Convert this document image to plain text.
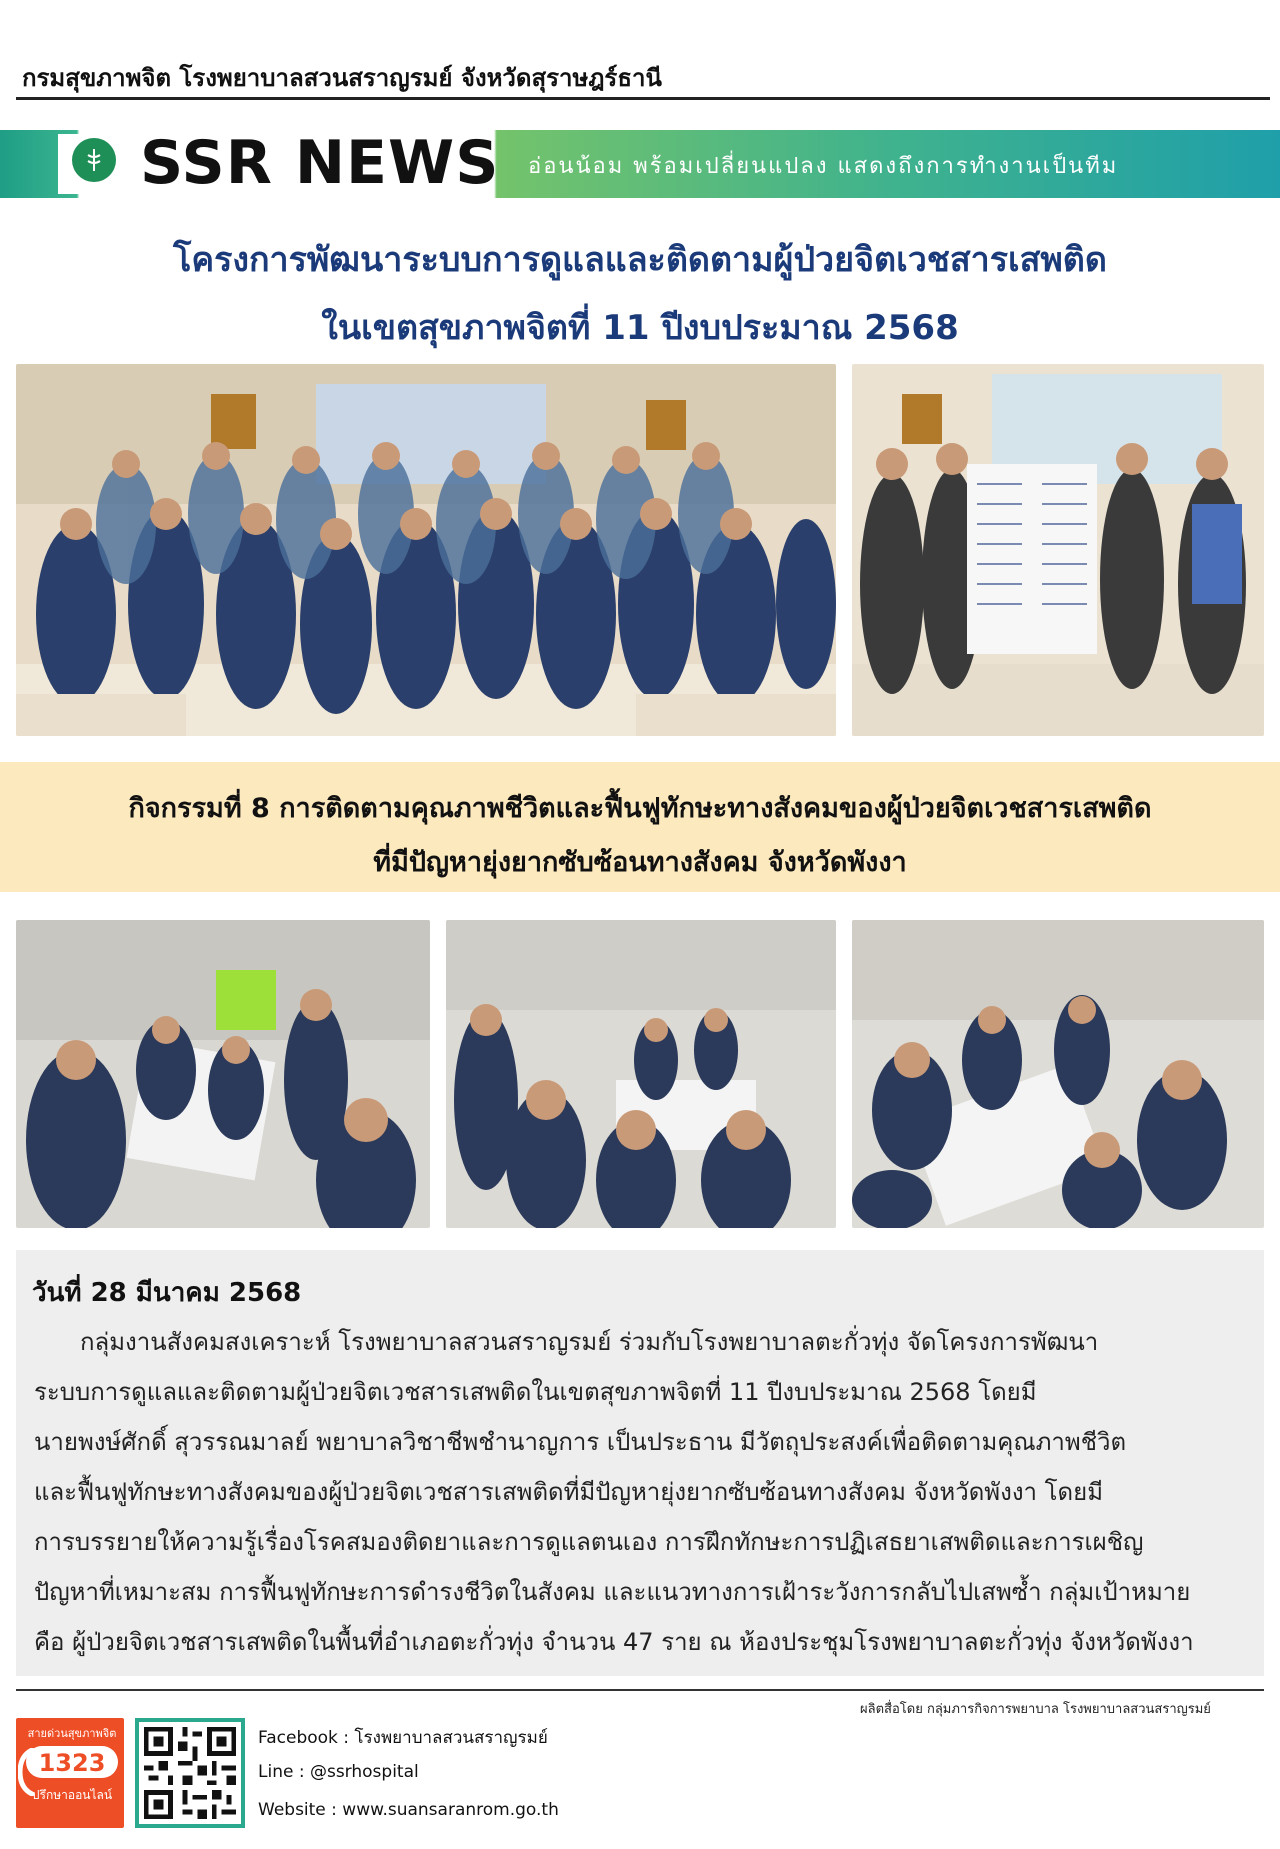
กรมสุขภาพจิต โรงพยาบาลสวนสราญรมย์ จังหวัดสุราษฎร์ธานี
SSR NEWS อ่อนน้อม พร้อมเปลี่ยนแปลง แสดงถึงการทำงานเป็นทีม
โครงการพัฒนาระบบการดูแลและติดตามผู้ป่วยจิตเวชสารเสพติด
ในเขตสุขภาพจิตที่ 11 ปีงบประมาณ 2568
กิจกรรมที่ 8 การติดตามคุณภาพชีวิตและฟื้นฟูทักษะทางสังคมของผู้ป่วยจิตเวชสารเสพติด
ที่มีปัญหายุ่งยากซับซ้อนทางสังคม จังหวัดพังงา
วันที่ 28 มีนาคม 2568
กลุ่มงานสังคมสงเคราะห์ โรงพยาบาลสวนสราญรมย์ ร่วมกับโรงพยาบาลตะกั่วทุ่ง จัดโครงการพัฒนา
ระบบการดูแลและติดตามผู้ป่วยจิตเวชสารเสพติดในเขตสุขภาพจิตที่ 11 ปีงบประมาณ 2568 โดยมี
นายพงษ์ศักดิ์ สุวรรณมาลย์ พยาบาลวิชาชีพชำนาญการ เป็นประธาน มีวัตถุประสงค์เพื่อติดตามคุณภาพชีวิต
และฟื้นฟูทักษะทางสังคมของผู้ป่วยจิตเวชสารเสพติดที่มีปัญหายุ่งยากซับซ้อนทางสังคม จังหวัดพังงา โดยมี
การบรรยายให้ความรู้เรื่องโรคสมองติดยาและการดูแลตนเอง การฝึกทักษะการปฏิเสธยาเสพติดและการเผชิญ
ปัญหาที่เหมาะสม การฟื้นฟูทักษะการดำรงชีวิตในสังคม และแนวทางการเฝ้าระวังการกลับไปเสพซ้ำ กลุ่มเป้าหมาย
คือ ผู้ป่วยจิตเวชสารเสพติดในพื้นที่อำเภอตะกั่วทุ่ง จำนวน 47 ราย ณ ห้องประชุมโรงพยาบาลตะกั่วทุ่ง จังหวัดพังงา
ผลิตสื่อโดย กลุ่มภารกิจการพยาบาล โรงพยาบาลสวนสราญรมย์
สายด่วนสุขภาพจิต
1323
ปรึกษาออนไลน์
Facebook : โรงพยาบาลสวนสราญรมย์
Line : @ssrhospital
Website : www.suansaranrom.go.th
